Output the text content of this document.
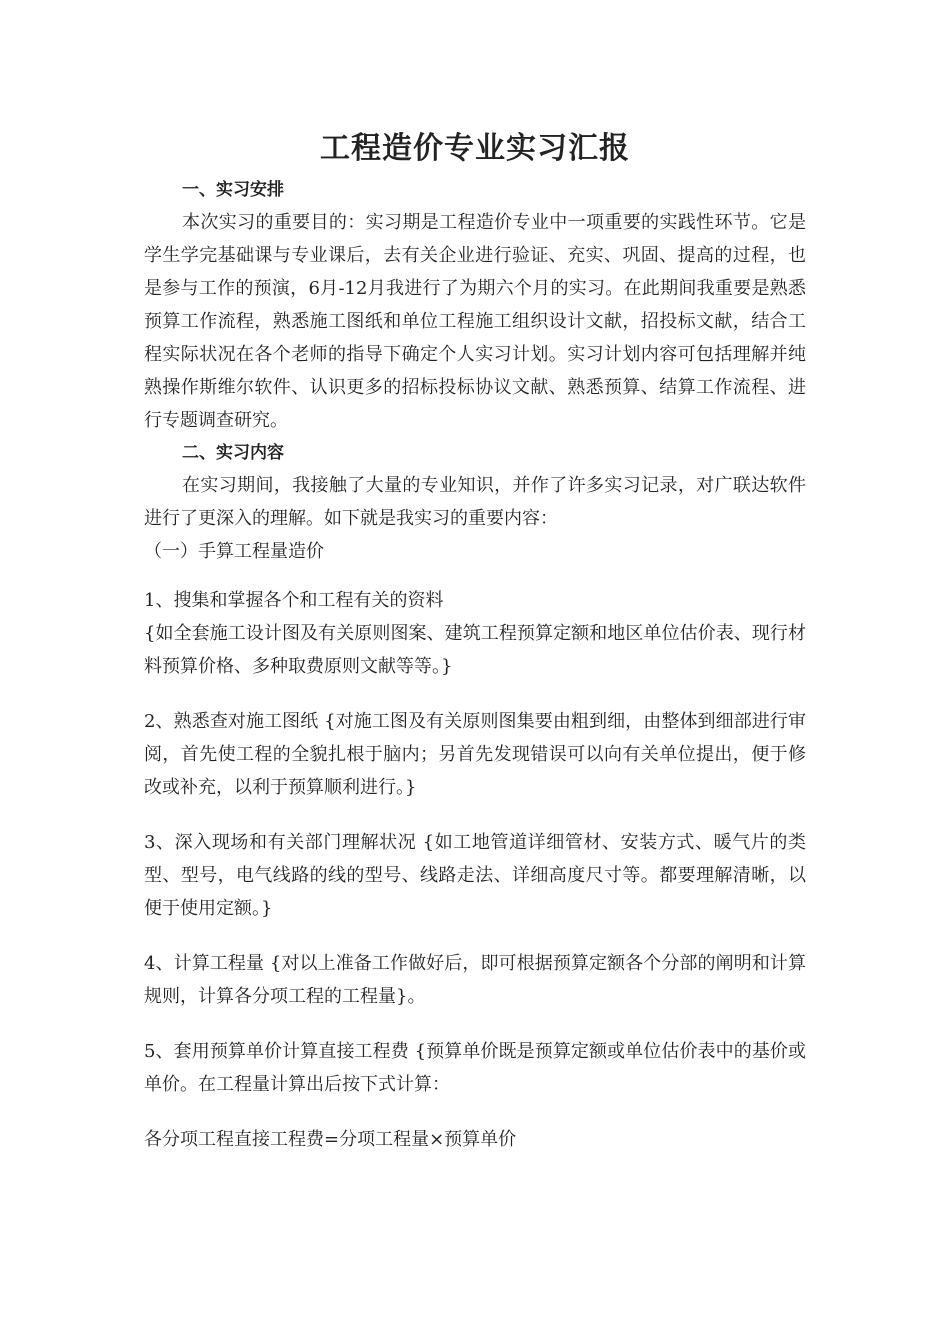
工程造价专业实习汇报

一、实习安排

本次实习的重要目的：实习期是工程造价专业中一项重要的实践性环节。它是学生学完基础课与专业课后，去有关企业进行验证、充实、巩固、提高的过程，也是参与工作的预演，6月-12月我进行了为期六个月的实习。在此期间我重要是熟悉预算工作流程，熟悉施工图纸和单位工程施工组织设计文献，招投标文献，结合工程实际状况在各个老师的指导下确定个人实习计划。实习计划内容可包括理解并纯熟操作斯维尔软件、认识更多的招标投标协议文献、熟悉预算、结算工作流程、进行专题调查研究。

二、实习内容

在实习期间，我接触了大量的专业知识，并作了许多实习记录，对广联达软件进行了更深入的理解。如下就是我实习的重要内容：

（一）手算工程量造价

1、搜集和掌握各个和工程有关的资料

{如全套施工设计图及有关原则图案、建筑工程预算定额和地区单位估价表、现行材料预算价格、多种取费原则文献等等。}

2、熟悉查对施工图纸 {对施工图及有关原则图集要由粗到细，由整体到细部进行审阅，首先使工程的全貌扎根于脑内；另首先发现错误可以向有关单位提出，便于修改或补充，以利于预算顺利进行。}

3、深入现场和有关部门理解状况 {如工地管道详细管材、安装方式、暖气片的类型、型号，电气线路的线的型号、线路走法、详细高度尺寸等。都要理解清晰，以便于使用定额。}

4、计算工程量 {对以上准备工作做好后，即可根据预算定额各个分部的阐明和计算规则，计算各分项工程的工程量}。

5、套用预算单价计算直接工程费 {预算单价既是预算定额或单位估价表中的基价或单价。在工程量计算出后按下式计算：

各分项工程直接工程费=分项工程量×预算单价
